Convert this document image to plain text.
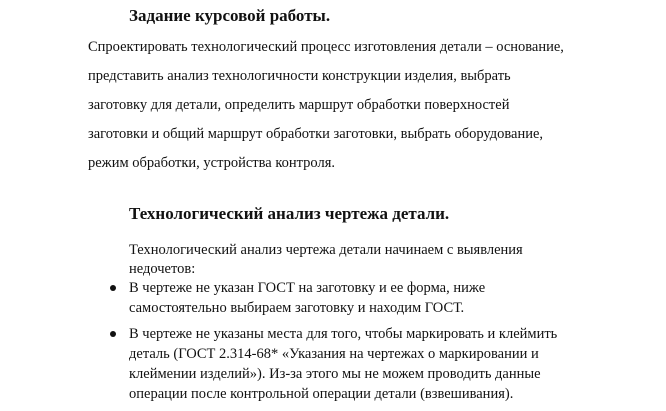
Задание курсовой работы.

Спроектировать технологический процесс изготовления детали – основание,
представить анализ технологичности конструкции изделия, выбрать
заготовку для детали, определить маршрут обработки поверхностей
заготовки и общий маршрут обработки заготовки, выбрать оборудование,
режим обработки, устройства контроля.

Технологический анализ чертежа детали.

Технологический анализ чертежа детали начинаем с выявления
недочетов:

В чертеже не указан ГОСТ на заготовку и ее форма, ниже
самостоятельно выбираем заготовку и находим ГОСТ.
В чертеже не указаны места для того, чтобы маркировать и клеймить
деталь (ГОСТ 2.314-68* «Указания на чертежах о маркировании и
клеймении изделий»). Из-за этого мы не можем проводить данные
операции после контрольной операции детали (взвешивания).
